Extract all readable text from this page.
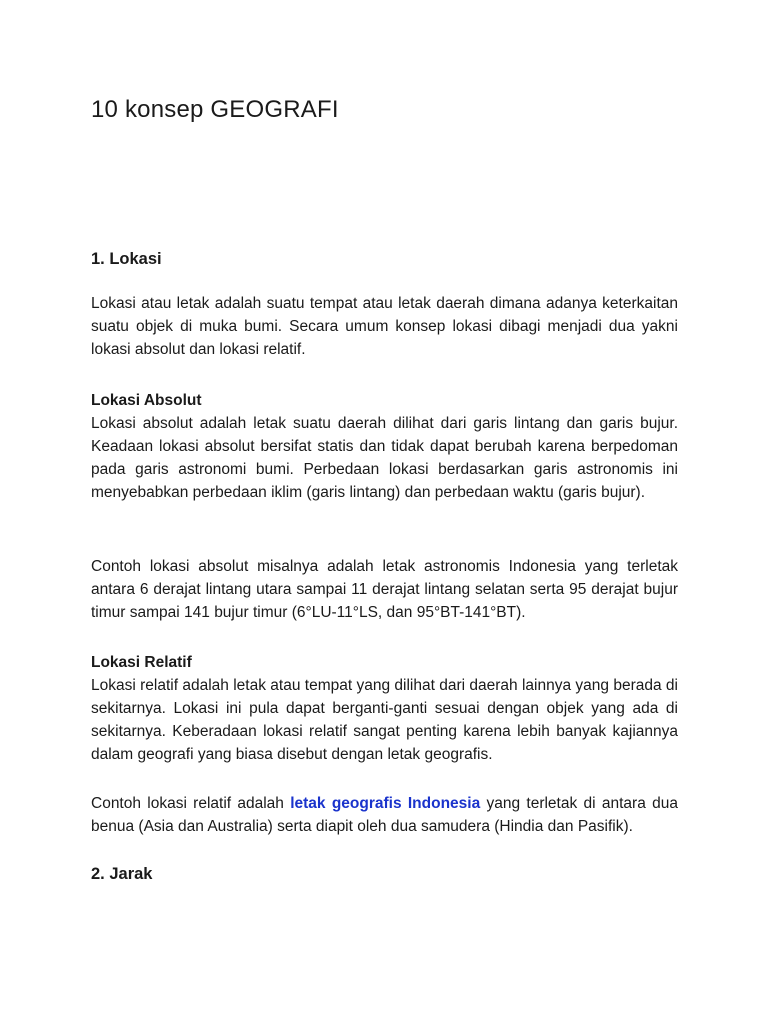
10 konsep GEOGRAFI
1. Lokasi

Lokasi atau letak adalah suatu tempat atau letak daerah dimana adanya keterkaitan suatu objek di muka bumi. Secara umum konsep lokasi dibagi menjadi dua yakni lokasi absolut dan lokasi relatif.

Lokasi Absolut

Lokasi absolut adalah letak suatu daerah dilihat dari garis lintang dan garis bujur. Keadaan lokasi absolut bersifat statis dan tidak dapat berubah karena berpedoman pada garis astronomi bumi. Perbedaan lokasi berdasarkan garis astronomis ini menyebabkan perbedaan iklim (garis lintang) dan perbedaan waktu (garis bujur).

Contoh lokasi absolut misalnya adalah letak astronomis Indonesia yang terletak antara 6 derajat lintang utara sampai 11 derajat lintang selatan serta 95 derajat bujur timur sampai 141 bujur timur (6°LU-11°LS, dan 95°BT-141°BT).

Lokasi Relatif

Lokasi relatif adalah letak atau tempat yang dilihat dari daerah lainnya yang berada di sekitarnya. Lokasi ini pula dapat berganti-ganti sesuai dengan objek yang ada di sekitarnya. Keberadaan lokasi relatif sangat penting karena lebih banyak kajiannya dalam geografi yang biasa disebut dengan letak geografis.

Contoh lokasi relatif adalah letak geografis Indonesia yang terletak di antara dua benua (Asia dan Australia) serta diapit oleh dua samudera (Hindia dan Pasifik).

2. Jarak
